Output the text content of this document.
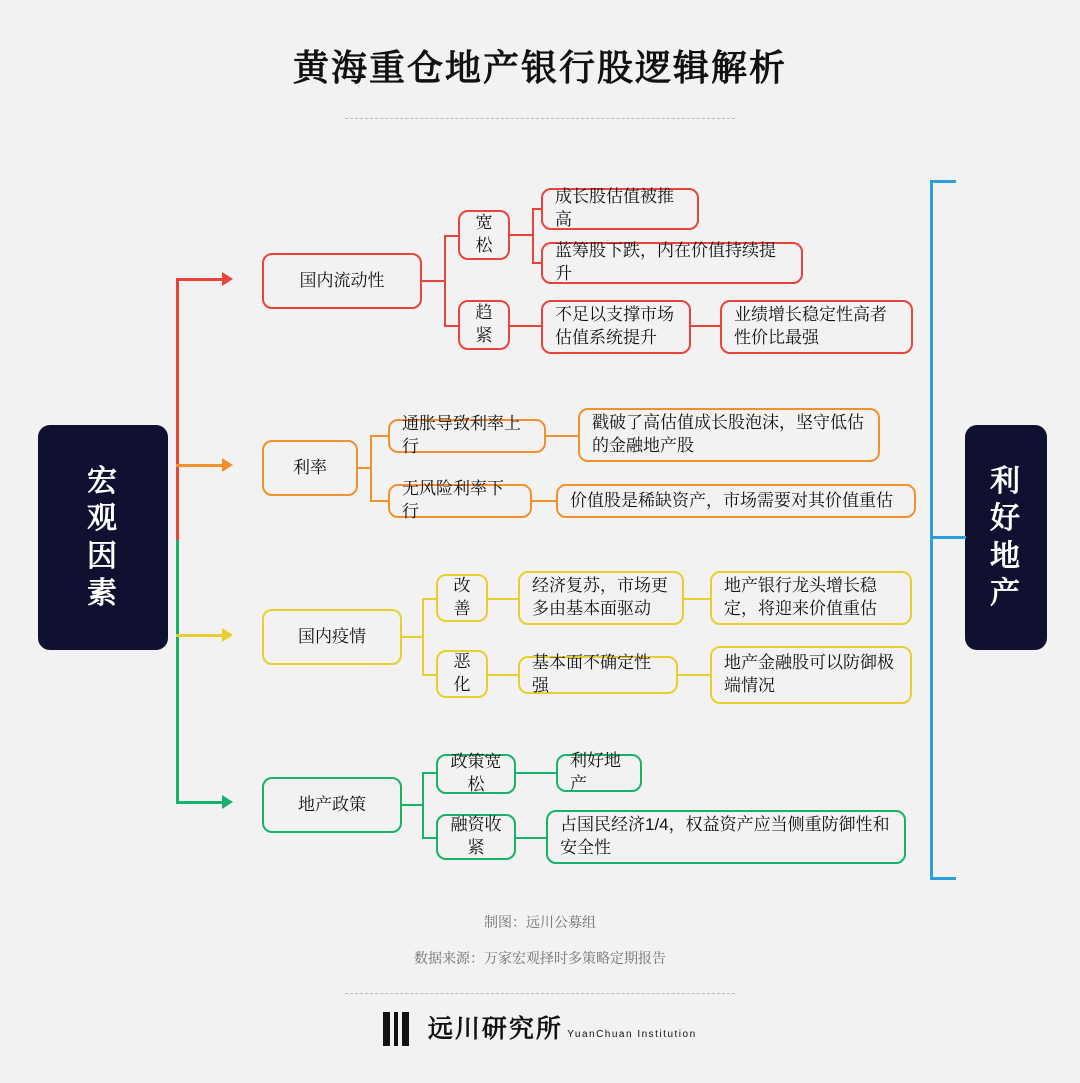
黄海重仓地产银行股逻辑解析
宏
观
因
素
利
好
地
产
国内流动性
宽松
趋紧
成长股估值被推高
蓝筹股下跌，内在价值持续提升
不足以支撑市场估值系统提升
业绩增长稳定性高者性价比最强
利率
通胀导致利率上行
戳破了高估值成长股泡沫，坚守低估的金融地产股
无风险利率下行
价值股是稀缺资产，市场需要对其价值重估
国内疫情
改善
恶化
经济复苏，市场更多由基本面驱动
地产银行龙头增长稳定，将迎来价值重估
基本面不确定性强
地产金融股可以防御极端情况
地产政策
政策宽松
融资收紧
利好地产
占国民经济1/4，权益资产应当侧重防御性和安全性
制图：远川公募组
数据来源：万家宏观择时多策略定期报告
远川研究所 YuanChuan Institution
